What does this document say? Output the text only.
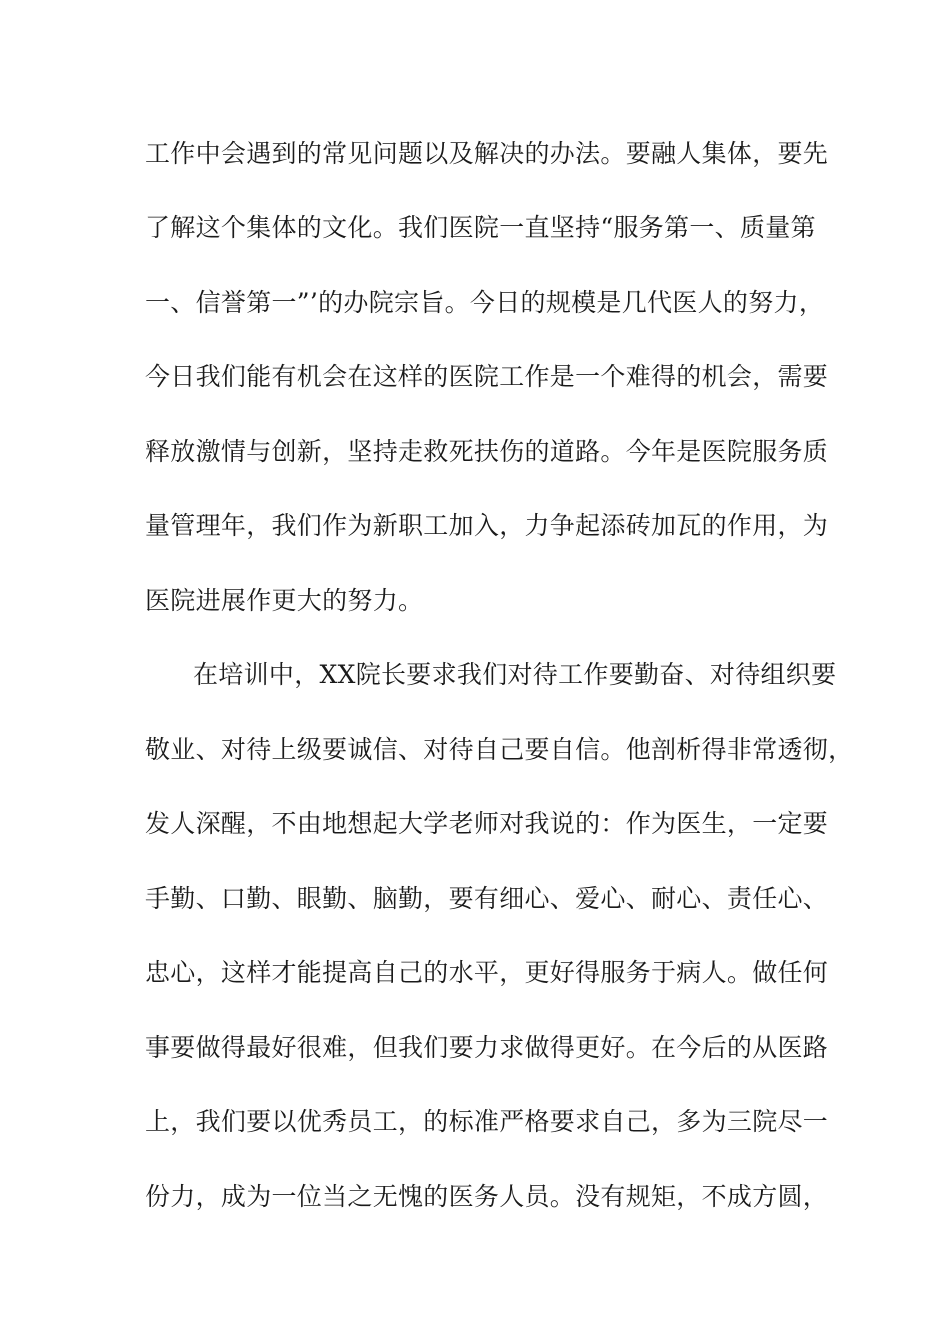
工作中会遇到的常见问题以及解决的办法。要融人集体，要先
了解这个集体的文化。我们医院一直坚持“服务第一、质量第
一、信誉第一”’的办院宗旨。今日的规模是几代医人的努力，
今日我们能有机会在这样的医院工作是一个难得的机会，需要
释放激情与创新，坚持走救死扶伤的道路。今年是医院服务质
量管理年，我们作为新职工加入，力争起添砖加瓦的作用，为
医院进展作更大的努力。
在培训中，XX院长要求我们对待工作要勤奋、对待组织要
敬业、对待上级要诚信、对待自己要自信。他剖析得非常透彻，
发人深醒，不由地想起大学老师对我说的：作为医生，一定要
手勤、口勤、眼勤、脑勤，要有细心、爱心、耐心、责任心、
忠心，这样才能提高自己的水平，更好得服务于病人。做任何
事要做得最好很难，但我们要力求做得更好。在今后的从医路
上，我们要以优秀员工，的标准严格要求自己，多为三院尽一
份力，成为一位当之无愧的医务人员。没有规矩，不成方圆，
